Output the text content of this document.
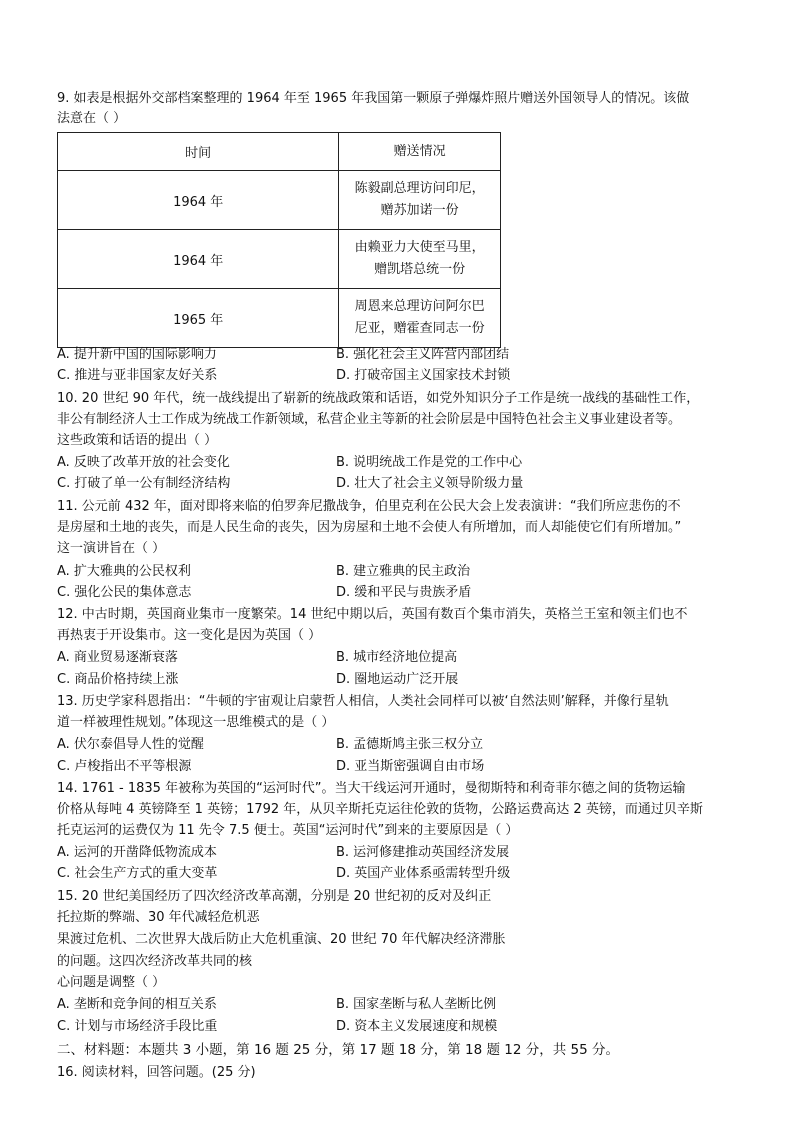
9. 如表是根据外交部档案整理的 1964 年至 1965 年我国第一颗原子弹爆炸照片赠送外国领导人的情况。该做
法意在（ ）
时间	赠送情况
1964 年	陈毅副总理访问印尼，
赠苏加诺一份

1964 年	由赖亚力大使至马里，
赠凯塔总统一份

1965 年	周恩来总理访问阿尔巴
尼亚，赠霍查同志一份
A. 提升新中国的国际影响力	B. 强化社会主义阵营内部团结
C. 推进与亚非国家友好关系	D. 打破帝国主义国家技术封锁
10. 20 世纪 90 年代，统一战线提出了崭新的统战政策和话语，如党外知识分子工作是统一战线的基础性工作，
非公有制经济人士工作成为统战工作新领域，私营企业主等新的社会阶层是中国特色社会主义事业建设者等。
这些政策和话语的提出（ ）
A. 反映了改革开放的社会变化	B. 说明统战工作是党的工作中心
C. 打破了单一公有制经济结构	D. 壮大了社会主义领导阶级力量
11. 公元前 432 年，面对即将来临的伯罗奔尼撒战争，伯里克利在公民大会上发表演讲：“我们所应悲伤的不
是房屋和土地的丧失，而是人民生命的丧失，因为房屋和土地不会使人有所增加，而人却能使它们有所增加。”
这一演讲旨在（ ）
A. 扩大雅典的公民权利	B. 建立雅典的民主政治
C. 强化公民的集体意志	D. 缓和平民与贵族矛盾
12. 中古时期，英国商业集市一度繁荣。14 世纪中期以后，英国有数百个集市消失，英格兰王室和领主们也不
再热衷于开设集市。这一变化是因为英国（ ）
A. 商业贸易逐渐衰落	B. 城市经济地位提高
C. 商品价格持续上涨	D. 圈地运动广泛开展
13. 历史学家科恩指出：“牛顿的宇宙观让启蒙哲人相信，人类社会同样可以被‘自然法则’解释，并像行星轨
道一样被理性规划。”体现这一思维模式的是（ ）
A. 伏尔泰倡导人性的觉醒	B. 孟德斯鸠主张三权分立
C. 卢梭指出不平等根源	D. 亚当斯密强调自由市场
14. 1761 - 1835 年被称为英国的“运河时代”。当大干线运河开通时，曼彻斯特和利奇菲尔德之间的货物运输
价格从每吨 4 英镑降至 1 英镑；1792 年，从贝辛斯托克运往伦敦的货物，公路运费高达 2 英镑，而通过贝辛斯
托克运河的运费仅为 11 先令 7.5 便士。英国“运河时代”到来的主要原因是（ ）
A. 运河的开凿降低物流成本	B. 运河修建推动英国经济发展
C. 社会生产方式的重大变革	D. 英国产业体系亟需转型升级
15. 20 世纪美国经历了四次经济改革高潮，分别是 20 世纪初的反对及纠正
托拉斯的弊端、30 年代减轻危机恶
果渡过危机、二次世界大战后防止大危机重演、20 世纪 70 年代解决经济滞胀
的问题。这四次经济改革共同的核
心问题是调整（ ）
A. 垄断和竞争间的相互关系	B. 国家垄断与私人垄断比例
C. 计划与市场经济手段比重	D. 资本主义发展速度和规模
二、材料题：本题共 3 小题，第 16 题 25 分，第 17 题 18 分，第 18 题 12 分，共 55 分。
16. 阅读材料，回答问题。(25 分)
